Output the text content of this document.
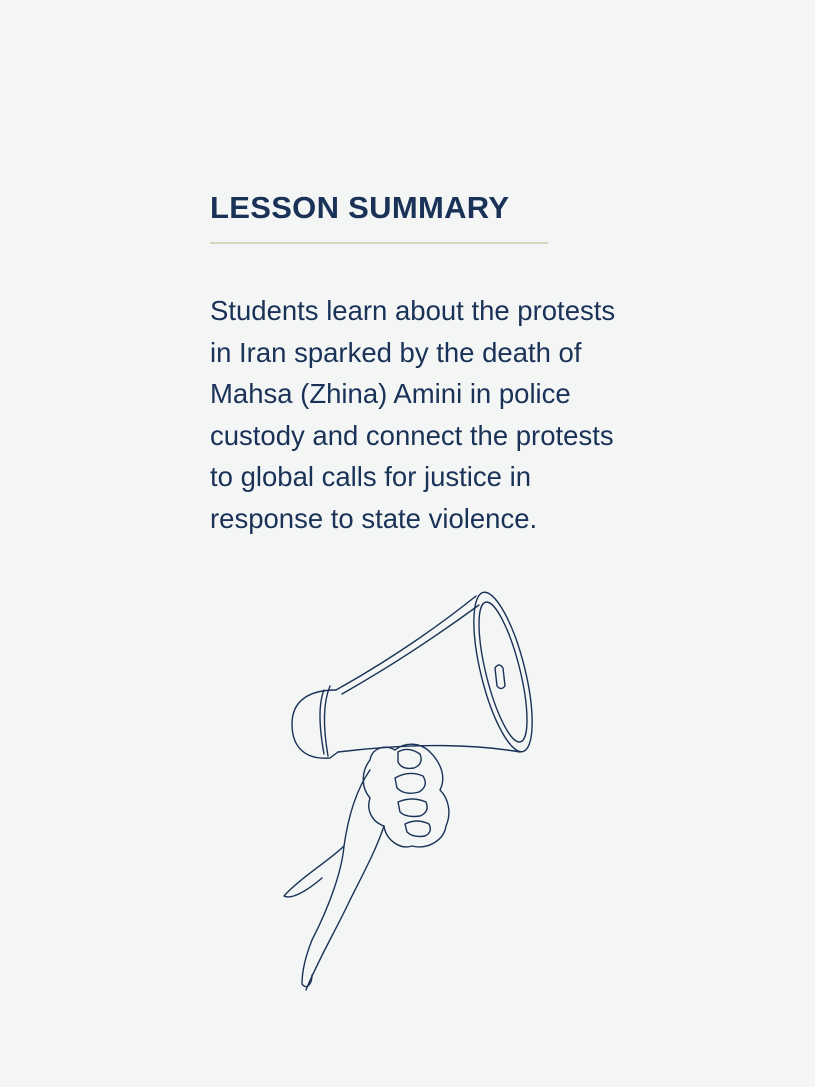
LESSON SUMMARY

Students learn about the protests in Iran sparked by the death of Mahsa (Zhina) Amini in police custody and connect the protests to global calls for justice in response to state violence.
